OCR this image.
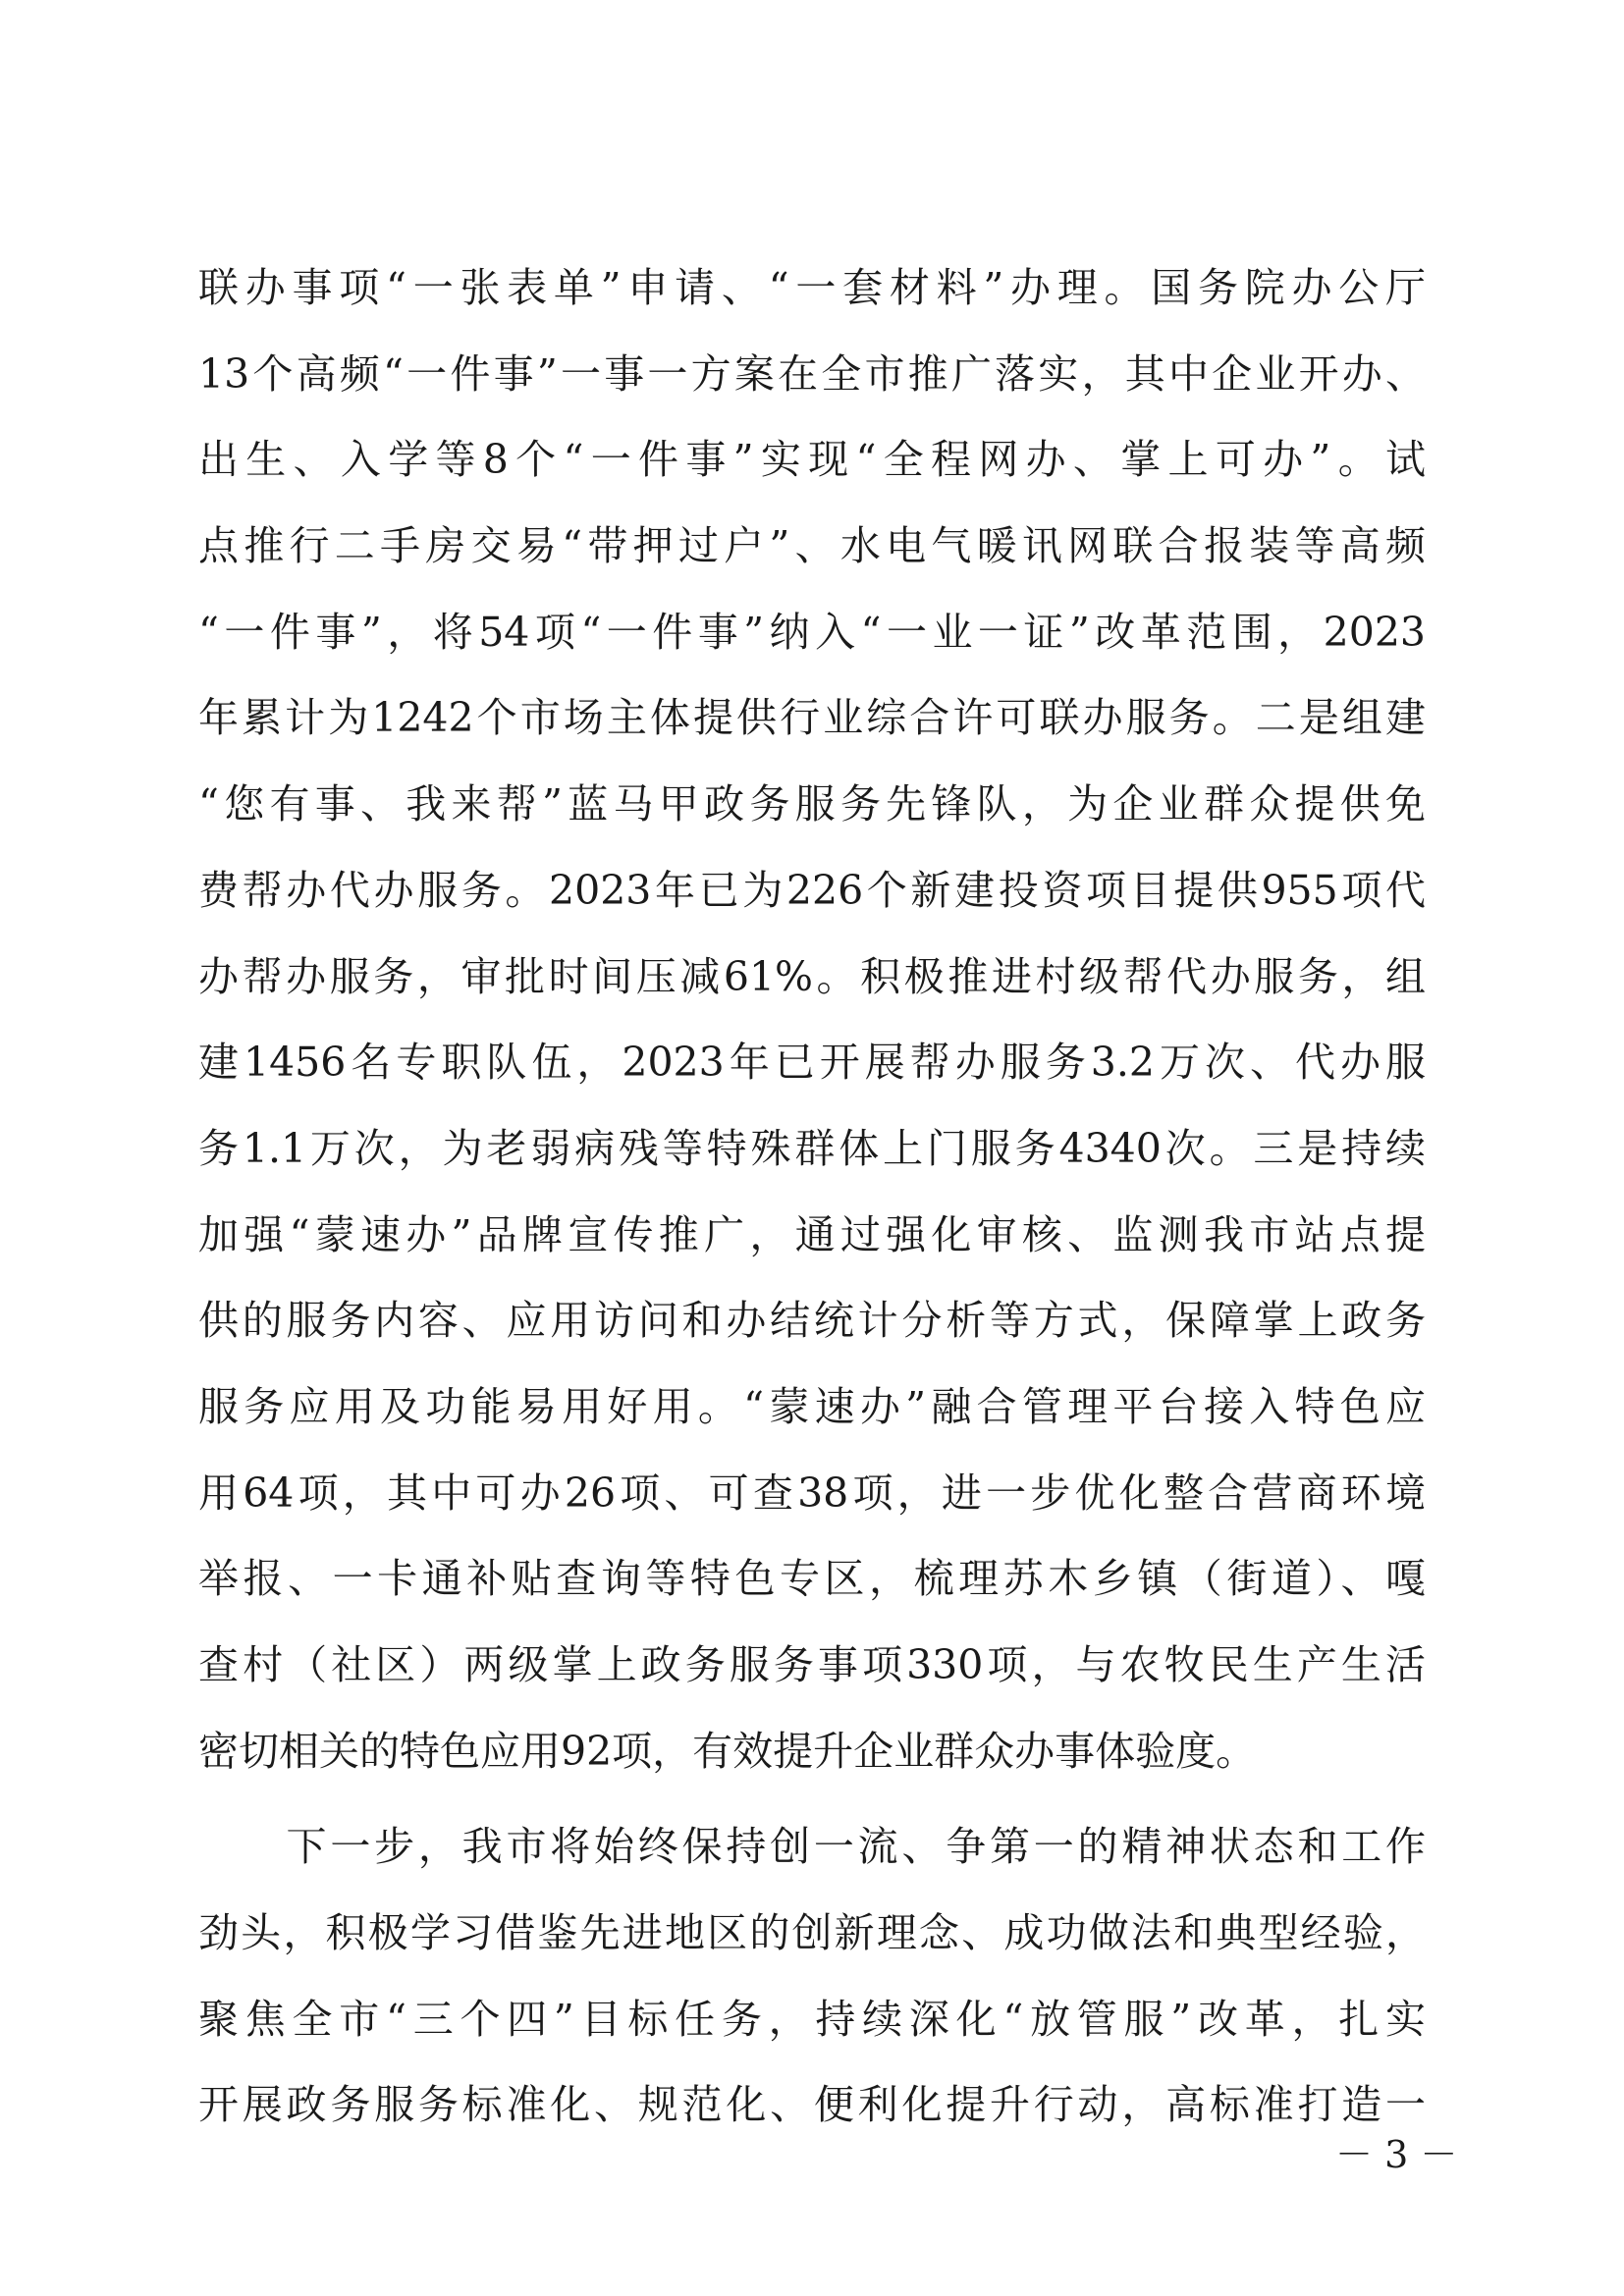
联办事项“一张表单”申请、“一套材料”办理。国务院办公厅
13个高频“一件事”一事一方案在全市推广落实，其中企业开办、
出生、入学等8个“一件事”实现“全程网办、掌上可办”。试
点推行二手房交易“带押过户”、水电气暖讯网联合报装等高频
“一件事”，将54项“一件事”纳入“一业一证”改革范围，2023
年累计为1242个市场主体提供行业综合许可联办服务。二是组建
“您有事、我来帮”蓝马甲政务服务先锋队，为企业群众提供免
费帮办代办服务。2023年已为226个新建投资项目提供955项代
办帮办服务，审批时间压减61%。积极推进村级帮代办服务，组
建1456名专职队伍，2023年已开展帮办服务3.2万次、代办服
务1.1万次，为老弱病残等特殊群体上门服务4340次。三是持续
加强“蒙速办”品牌宣传推广，通过强化审核、监测我市站点提
供的服务内容、应用访问和办结统计分析等方式，保障掌上政务
服务应用及功能易用好用。“蒙速办”融合管理平台接入特色应
用64项，其中可办26项、可查38项，进一步优化整合营商环境
举报、一卡通补贴查询等特色专区，梳理苏木乡镇（街道）、嘎
查村（社区）两级掌上政务服务事项330项，与农牧民生产生活
密切相关的特色应用92项，有效提升企业群众办事体验度。
　　下一步，我市将始终保持创一流、争第一的精神状态和工作
劲头，积极学习借鉴先进地区的创新理念、成功做法和典型经验，
聚焦全市“三个四”目标任务，持续深化“放管服”改革，扎实
开展政务服务标准化、规范化、便利化提升行动，高标准打造一
－ 3 －
